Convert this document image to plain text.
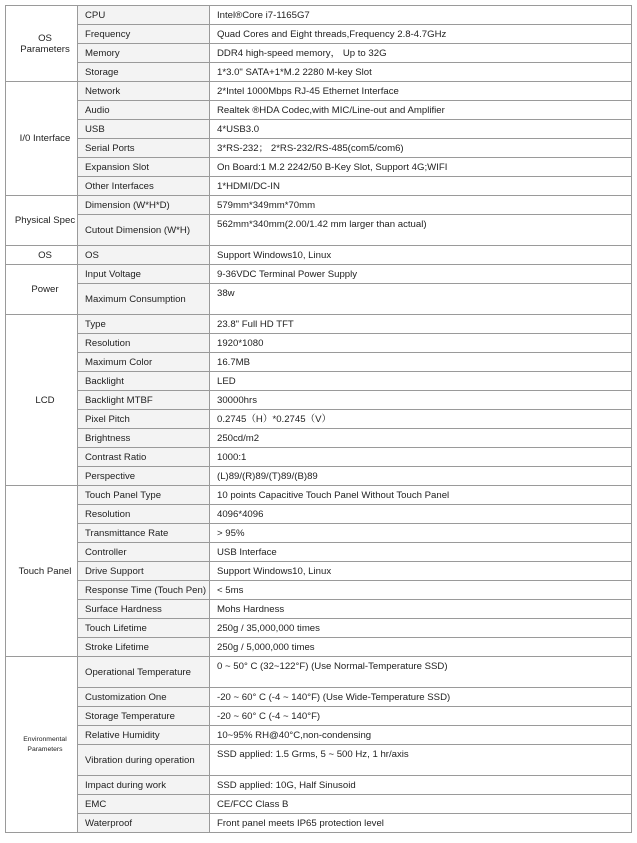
OS Parameters	CPU	Intel®Core i7-1165G7
	Frequency	Quad Cores and Eight threads,Frequency 2.8-4.7GHz
	Memory	DDR4 high-speed memory， Up to 32G
	Storage	1*3.0" SATA+1*M.2 2280 M-key Slot
I/0 Interface	Network	2*Intel 1000Mbps RJ-45 Ethernet Interface
	Audio	Realtek ®HDA Codec,with MIC/Line-out and Amplifier
	USB	4*USB3.0
	Serial Ports	3*RS-232； 2*RS-232/RS-485(com5/com6)
	Expansion Slot	On Board:1 M.2 2242/50 B-Key Slot, Support 4G;WIFI
	Other Interfaces	1*HDMI/DC-IN
Physical Spec	Dimension (W*H*D)	579mm*349mm*70mm
	Cutout Dimension (W*H)	562mm*340mm(2.00/1.42 mm larger than actual)
OS	OS	Support Windows10, Linux
Power	Input Voltage	9-36VDC Terminal Power Supply
	Maximum Consumption	38w
LCD	Type	23.8" Full HD TFT
	Resolution	1920*1080
	Maximum Color	16.7MB
	Backlight	LED
	Backlight MTBF	30000hrs
	Pixel Pitch	0.2745（H）*0.2745（V）
	Brightness	250cd/m2
	Contrast Ratio	1000:1
	Perspective	(L)89/(R)89/(T)89/(B)89
Touch Panel	Touch Panel Type	10 points Capacitive Touch Panel Without Touch Panel
	Resolution	4096*4096
	Transmittance Rate	> 95%
	Controller	USB Interface
	Drive Support	Support Windows10, Linux
	Response Time (Touch Pen)	< 5ms
	Surface Hardness	Mohs Hardness
	Touch Lifetime	250g / 35,000,000 times
	Stroke Lifetime	250g / 5,000,000 times
Environmental Parameters	Operational Temperature	0 ~ 50° C (32~122°F) (Use Normal-Temperature SSD)
	Customization One	-20 ~ 60° C (-4 ~ 140°F) (Use Wide-Temperature SSD)
	Storage Temperature	-20 ~ 60° C (-4 ~ 140°F)
	Relative Humidity	10~95% RH@40°C,non-condensing
	Vibration during operation	SSD applied: 1.5 Grms, 5 ~ 500 Hz, 1 hr/axis
	Impact during work	SSD applied: 10G, Half Sinusoid
	EMC	CE/FCC Class B
	Waterproof	Front panel meets IP65 protection level
